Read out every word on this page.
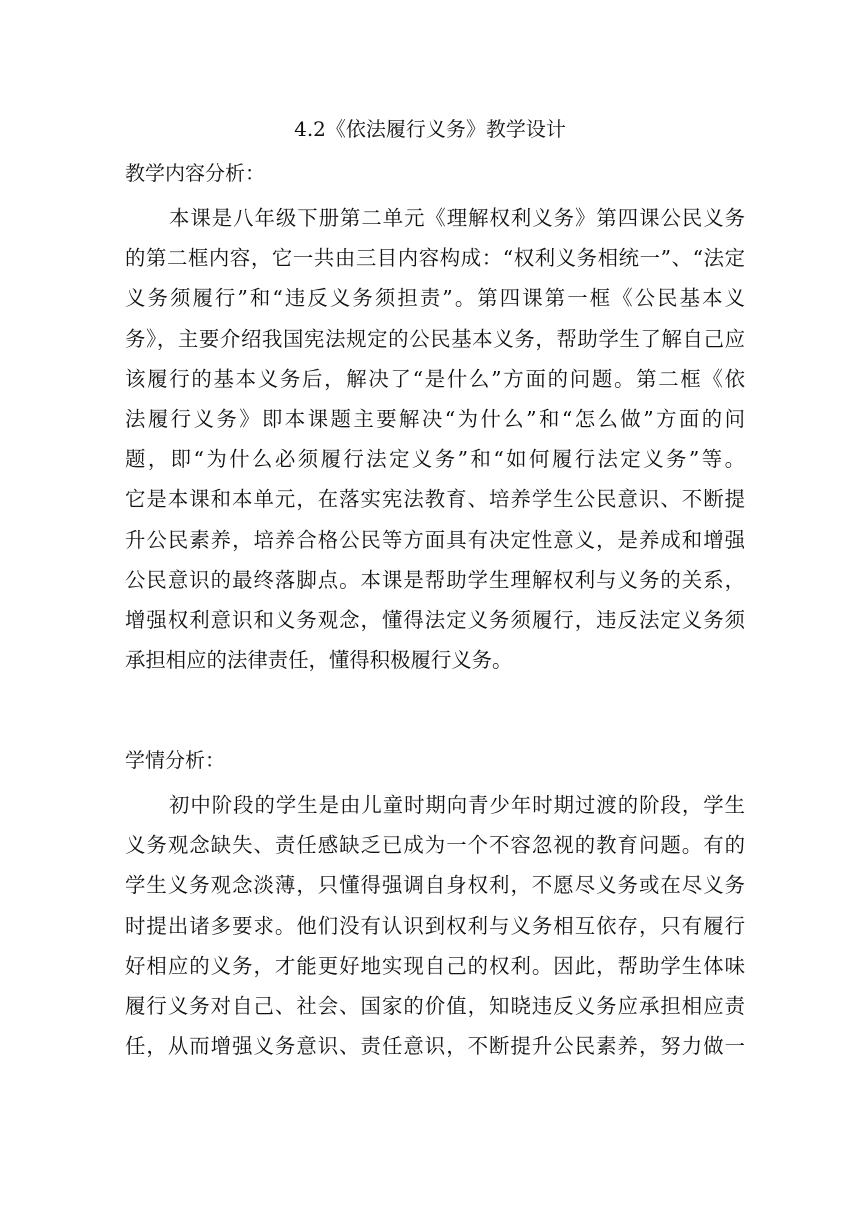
4.2《依法履行义务》教学设计
教学内容分析：
本课是八年级下册第二单元《理解权利义务》第四课公民义务
的第二框内容，它一共由三目内容构成：“权利义务相统一”、“法定
义务须履行”和“违反义务须担责”。第四课第一框《公民基本义
务》，主要介绍我国宪法规定的公民基本义务，帮助学生了解自己应
该履行的基本义务后，解决了“是什么”方面的问题。第二框《依
法履行义务》即本课题主要解决“为什么”和“怎么做”方面的问
题，即“为什么必须履行法定义务”和“如何履行法定义务”等。
它是本课和本单元，在落实宪法教育、培养学生公民意识、不断提
升公民素养，培养合格公民等方面具有决定性意义，是养成和增强
公民意识的最终落脚点。本课是帮助学生理解权利与义务的关系，
增强权利意识和义务观念，懂得法定义务须履行，违反法定义务须
承担相应的法律责任，懂得积极履行义务。
学情分析：
初中阶段的学生是由儿童时期向青少年时期过渡的阶段，学生
义务观念缺失、责任感缺乏已成为一个不容忽视的教育问题。有的
学生义务观念淡薄，只懂得强调自身权利，不愿尽义务或在尽义务
时提出诸多要求。他们没有认识到权利与义务相互依存，只有履行
好相应的义务，才能更好地实现自己的权利。因此，帮助学生体味
履行义务对自己、社会、国家的价值，知晓违反义务应承担相应责
任，从而增强义务意识、责任意识，不断提升公民素养，努力做一
